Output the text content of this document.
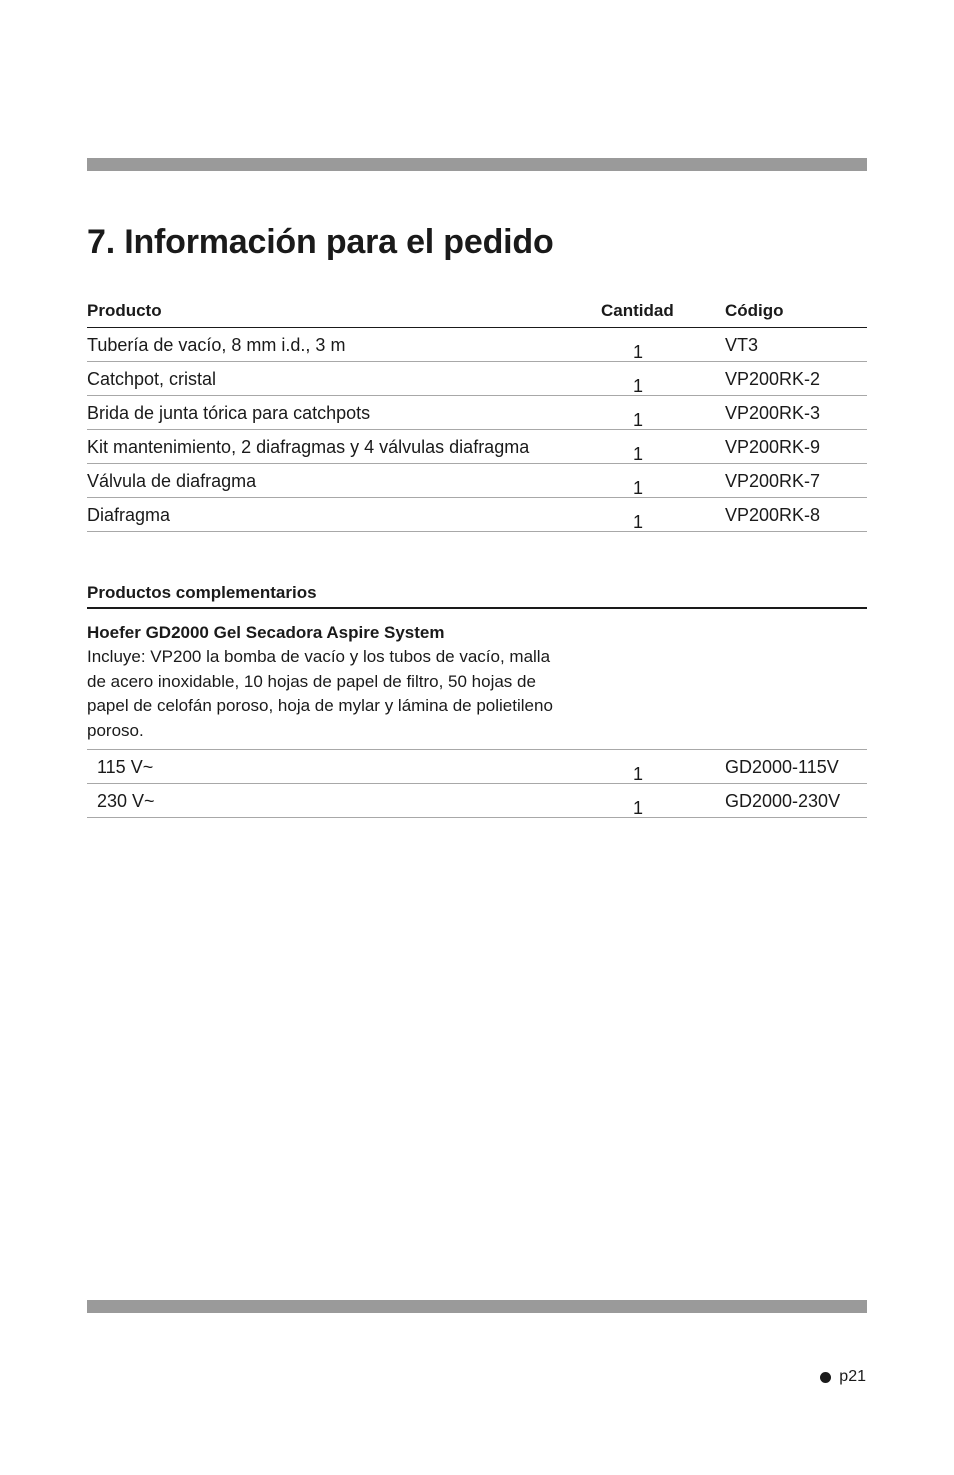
7. Información para el pedido
Producto	Cantidad	Código
Tubería de vacío, 8 mm i.d., 3 m	1	VT3
Catchpot, cristal	1	VP200RK-2
Brida de junta tórica para catchpots	1	VP200RK-3
Kit mantenimiento, 2 diafragmas y 4 válvulas diafragma	1	VP200RK-9
Válvula de diafragma	1	VP200RK-7
Diafragma	1	VP200RK-8
Productos complementarios
Hoefer GD2000 Gel Secadora Aspire System
Incluye: VP200 la bomba de vacío y los tubos de vacío, malla de acero inoxidable, 10 hojas de papel de filtro, 50 hojas de papel de celofán poroso, hoja de mylar y lámina de polietileno poroso.
115 V~	1	GD2000-115V
230 V~	1	GD2000-230V
p21
